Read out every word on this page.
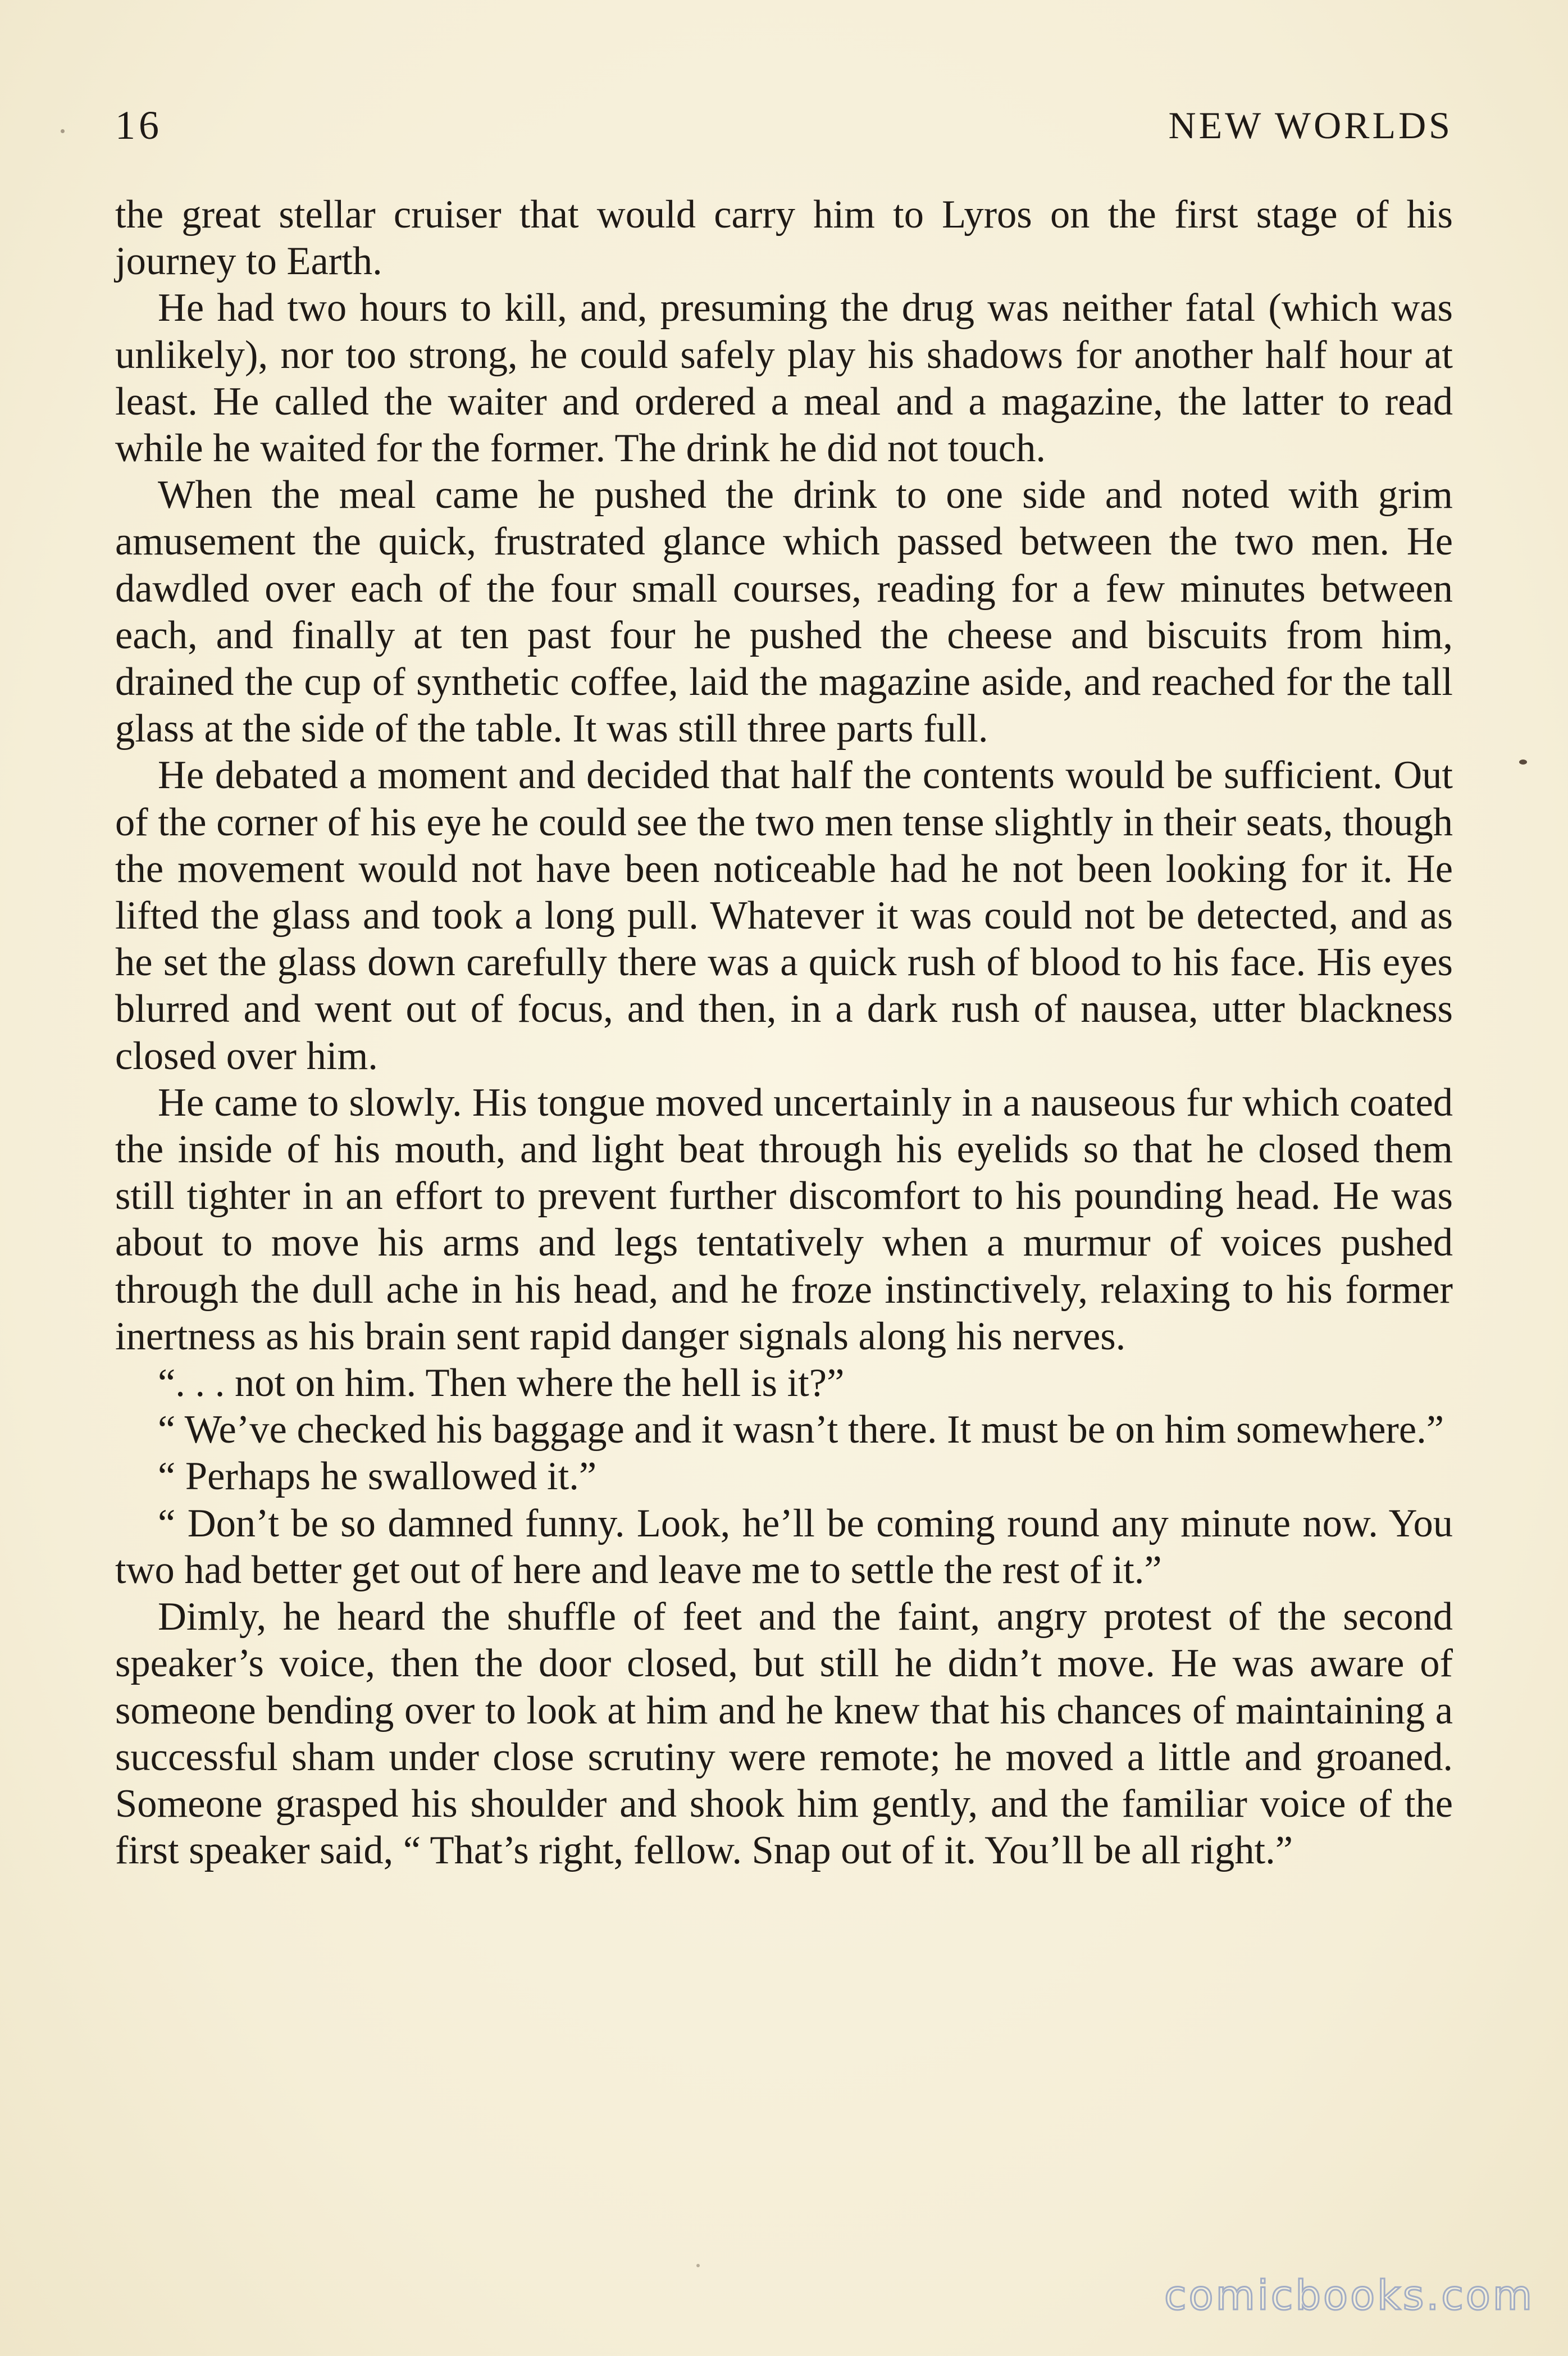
16	NEW WORLDS

the great stellar cruiser that would carry him to Lyros on the first stage of his journey to Earth.

He had two hours to kill, and, presuming the drug was neither fatal (which was unlikely), nor too strong, he could safely play his shadows for another half hour at least. He called the waiter and ordered a meal and a magazine, the latter to read while he waited for the former. The drink he did not touch.

When the meal came he pushed the drink to one side and noted with grim amusement the quick, frustrated glance which passed between the two men. He dawdled over each of the four small courses, reading for a few minutes between each, and finally at ten past four he pushed the cheese and biscuits from him, drained the cup of synthetic coffee, laid the magazine aside, and reached for the tall glass at the side of the table. It was still three parts full.

He debated a moment and decided that half the contents would be sufficient. Out of the corner of his eye he could see the two men tense slightly in their seats, though the movement would not have been noticeable had he not been looking for it. He lifted the glass and took a long pull. Whatever it was could not be detected, and as he set the glass down carefully there was a quick rush of blood to his face. His eyes blurred and went out of focus, and then, in a dark rush of nausea, utter blackness closed over him.

He came to slowly. His tongue moved uncertainly in a nauseous fur which coated the inside of his mouth, and light beat through his eyelids so that he closed them still tighter in an effort to prevent further discomfort to his pounding head. He was about to move his arms and legs tentatively when a murmur of voices pushed through the dull ache in his head, and he froze instinctively, relaxing to his former inertness as his brain sent rapid danger signals along his nerves.

“. . . not on him. Then where the hell is it?”

“ We’ve checked his baggage and it wasn’t there. It must be on him somewhere.”

“ Perhaps he swallowed it.”

“ Don’t be so damned funny. Look, he’ll be coming round any minute now. You two had better get out of here and leave me to settle the rest of it.”

Dimly, he heard the shuffle of feet and the faint, angry protest of the second speaker’s voice, then the door closed, but still he didn’t move. He was aware of someone bending over to look at him and he knew that his chances of maintaining a successful sham under close scrutiny were remote; he moved a little and groaned. Someone grasped his shoulder and shook him gently, and the familiar voice of the first speaker said, “ That’s right, fellow. Snap out of it. You’ll be all right.”

comicbooks.com
